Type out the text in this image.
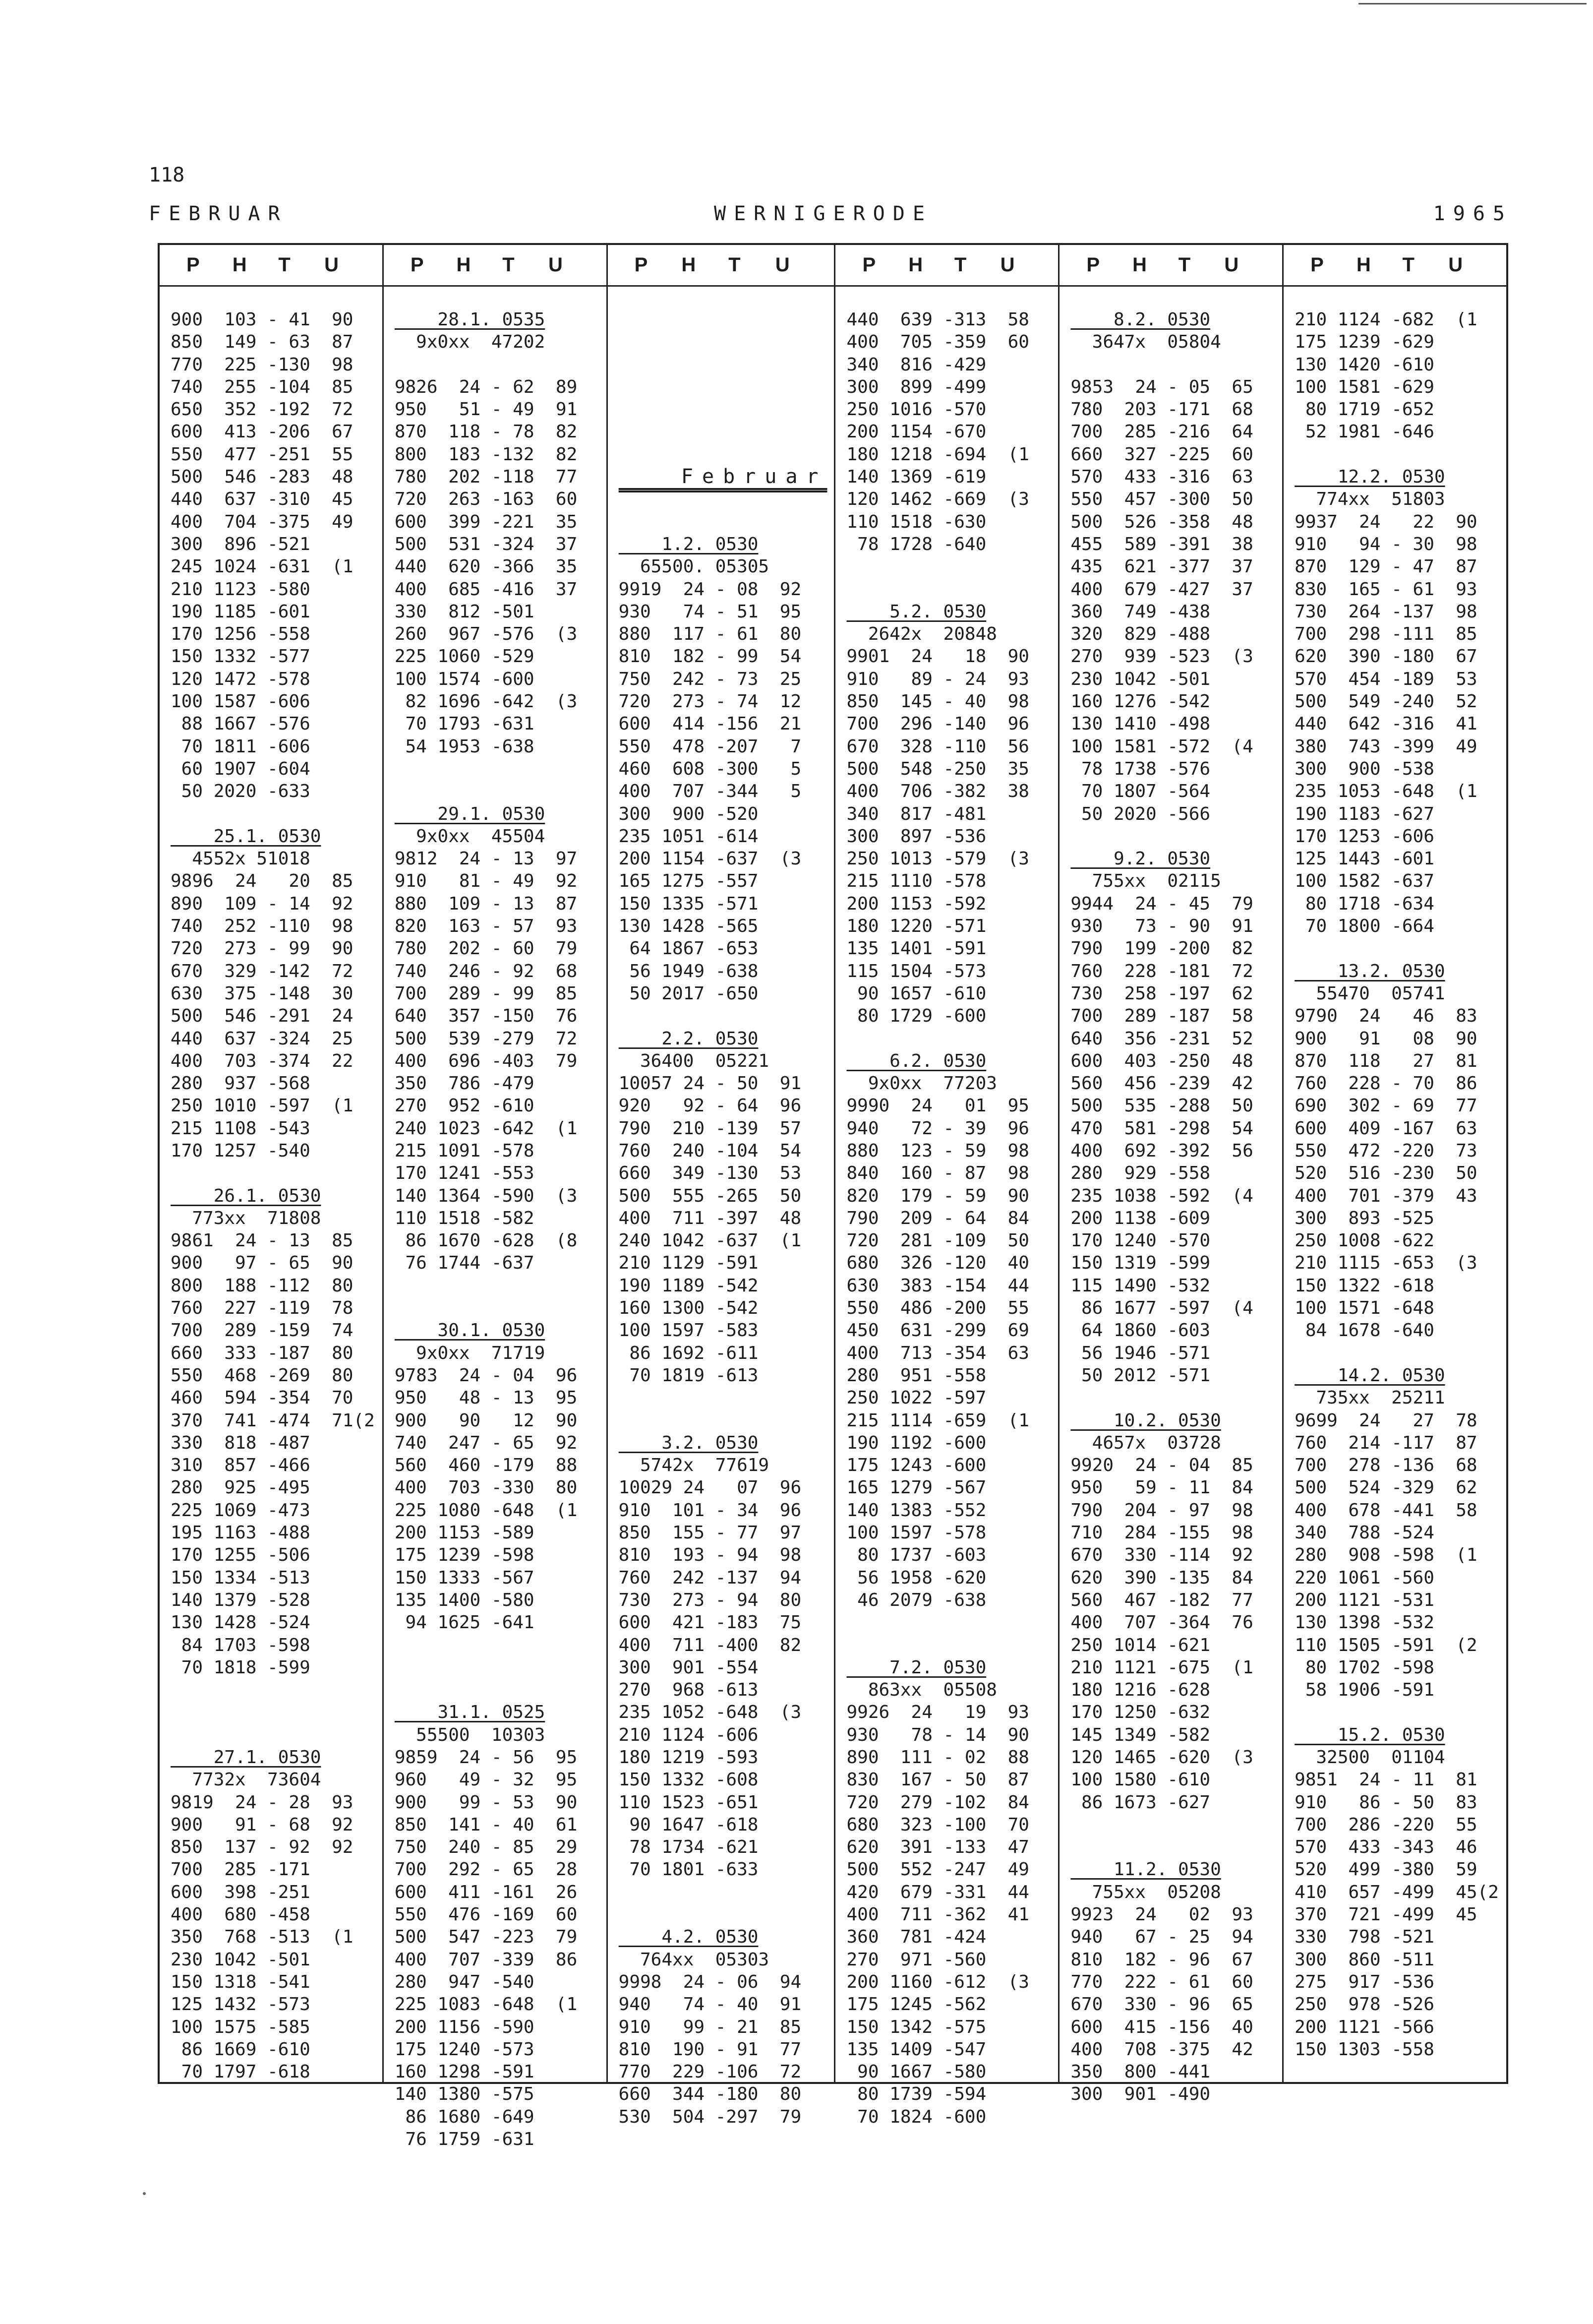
118
FEBRUAR	WERNIGERODE	1965
P	H	T	U
900  103 - 41  90
850  149 - 63  87
770  225 -130  98
740  255 -104  85
650  352 -192  72
600  413 -206  67
550  477 -251  55
500  546 -283  48
440  637 -310  45
400  704 -375  49
300  896 -521
245 1024 -631  (1
210 1123 -580
190 1185 -601
170 1256 -558
150 1332 -577
120 1472 -578
100 1587 -606
88 1667 -576
70 1811 -606
60 1907 -604
50 2020 -633
25.1. 0530
4552x 51018
9896  24   20  85
890  109 - 14  92
740  252 -110  98
720  273 - 99  90
670  329 -142  72
630  375 -148  30
500  546 -291  24
440  637 -324  25
400  703 -374  22
280  937 -568
250 1010 -597  (1
215 1108 -543
170 1257 -540
26.1. 0530
773xx  71808
9861  24 - 13  85
900   97 - 65  90
800  188 -112  80
760  227 -119  78
700  289 -159  74
660  333 -187  80
550  468 -269  80
460  594 -354  70
370  741 -474  71(2
330  818 -487
310  857 -466
280  925 -495
225 1069 -473
195 1163 -488
170 1255 -506
150 1334 -513
140 1379 -528
130 1428 -524
84 1703 -598
70 1818 -599
27.1. 0530
7732x  73604
9819  24 - 28  93
900   91 - 68  92
850  137 - 92  92
700  285 -171
600  398 -251
400  680 -458
350  768 -513  (1
230 1042 -501
150 1318 -541
125 1432 -573
100 1575 -585
86 1669 -610
70 1797 -618
P	H	T	U
28.1. 0535
9x0xx  47202
9826  24 - 62  89
950   51 - 49  91
870  118 - 78  82
800  183 -132  82
780  202 -118  77
720  263 -163  60
600  399 -221  35
500  531 -324  37
440  620 -366  35
400  685 -416  37
330  812 -501
260  967 -576  (3
225 1060 -529
100 1574 -600
82 1696 -642  (3
70 1793 -631
54 1953 -638
29.1. 0530
9x0xx  45504
9812  24 - 13  97
910   81 - 49  92
880  109 - 13  87
820  163 - 57  93
780  202 - 60  79
740  246 - 92  68
700  289 - 99  85
640  357 -150  76
500  539 -279  72
400  696 -403  79
350  786 -479
270  952 -610
240 1023 -642  (1
215 1091 -578
170 1241 -553
140 1364 -590  (3
110 1518 -582
86 1670 -628  (8
76 1744 -637
30.1. 0530
9x0xx  71719
9783  24 - 04  96
950   48 - 13  95
900   90   12  90
740  247 - 65  92
560  460 -179  88
400  703 -330  80
225 1080 -648  (1
200 1153 -589
175 1239 -598
150 1333 -567
135 1400 -580
94 1625 -641
31.1. 0525
55500  10303
9859  24 - 56  95
960   49 - 32  95
900   99 - 53  90
850  141 - 40  61
750  240 - 85  29
700  292 - 65  28
600  411 -161  26
550  476 -169  60
500  547 -223  79
400  707 -339  86
280  947 -540
225 1083 -648  (1
200 1156 -590
175 1240 -573
160 1298 -591
140 1380 -575
86 1680 -649
76 1759 -631
P	H	T	U
Februar
1.2. 0530
65500. 05305
9919  24 - 08  92
930   74 - 51  95
880  117 - 61  80
810  182 - 99  54
750  242 - 73  25
720  273 - 74  12
600  414 -156  21
550  478 -207   7
460  608 -300   5
400  707 -344   5
300  900 -520
235 1051 -614
200 1154 -637  (3
165 1275 -557
150 1335 -571
130 1428 -565
64 1867 -653
56 1949 -638
50 2017 -650
2.2. 0530
36400  05221
10057 24 - 50  91
920   92 - 64  96
790  210 -139  57
760  240 -104  54
660  349 -130  53
500  555 -265  50
400  711 -397  48
240 1042 -637  (1
210 1129 -591
190 1189 -542
160 1300 -542
100 1597 -583
86 1692 -611
70 1819 -613
3.2. 0530
5742x  77619
10029 24   07  96
910  101 - 34  96
850  155 - 77  97
810  193 - 94  98
760  242 -137  94
730  273 - 94  80
600  421 -183  75
400  711 -400  82
300  901 -554
270  968 -613
235 1052 -648  (3
210 1124 -606
180 1219 -593
150 1332 -608
110 1523 -651
90 1647 -618
78 1734 -621
70 1801 -633
4.2. 0530
764xx  05303
9998  24 - 06  94
940   74 - 40  91
910   99 - 21  85
810  190 - 91  77
770  229 -106  72
660  344 -180  80
530  504 -297  79
P	H	T	U
440  639 -313  58
400  705 -359  60
340  816 -429
300  899 -499
250 1016 -570
200 1154 -670
180 1218 -694  (1
140 1369 -619
120 1462 -669  (3
110 1518 -630
78 1728 -640
5.2. 0530
2642x  20848
9901  24   18  90
910   89 - 24  93
850  145 - 40  98
700  296 -140  96
670  328 -110  56
500  548 -250  35
400  706 -382  38
340  817 -481
300  897 -536
250 1013 -579  (3
215 1110 -578
200 1153 -592
180 1220 -571
135 1401 -591
115 1504 -573
90 1657 -610
80 1729 -600
6.2. 0530
9x0xx  77203
9990  24   01  95
940   72 - 39  96
880  123 - 59  98
840  160 - 87  98
820  179 - 59  90
790  209 - 64  84
720  281 -109  50
680  326 -120  40
630  383 -154  44
550  486 -200  55
450  631 -299  69
400  713 -354  63
280  951 -558
250 1022 -597
215 1114 -659  (1
190 1192 -600
175 1243 -600
165 1279 -567
140 1383 -552
100 1597 -578
80 1737 -603
56 1958 -620
46 2079 -638
7.2. 0530
863xx  05508
9926  24   19  93
930   78 - 14  90
890  111 - 02  88
830  167 - 50  87
720  279 -102  84
680  323 -100  70
620  391 -133  47
500  552 -247  49
420  679 -331  44
400  711 -362  41
360  781 -424
270  971 -560
200 1160 -612  (3
175 1245 -562
150 1342 -575
135 1409 -547
90 1667 -580
80 1739 -594
70 1824 -600
P	H	T	U
8.2. 0530
3647x  05804
9853  24 - 05  65
780  203 -171  68
700  285 -216  64
660  327 -225  60
570  433 -316  63
550  457 -300  50
500  526 -358  48
455  589 -391  38
435  621 -377  37
400  679 -427  37
360  749 -438
320  829 -488
270  939 -523  (3
230 1042 -501
160 1276 -542
130 1410 -498
100 1581 -572  (4
78 1738 -576
70 1807 -564
50 2020 -566
9.2. 0530
755xx  02115
9944  24 - 45  79
930   73 - 90  91
790  199 -200  82
760  228 -181  72
730  258 -197  62
700  289 -187  58
640  356 -231  52
600  403 -250  48
560  456 -239  42
500  535 -288  50
470  581 -298  54
400  692 -392  56
280  929 -558
235 1038 -592  (4
200 1138 -609
170 1240 -570
150 1319 -599
115 1490 -532
86 1677 -597  (4
64 1860 -603
56 1946 -571
50 2012 -571
10.2. 0530
4657x  03728
9920  24 - 04  85
950   59 - 11  84
790  204 - 97  98
710  284 -155  98
670  330 -114  92
620  390 -135  84
560  467 -182  77
400  707 -364  76
250 1014 -621
210 1121 -675  (1
180 1216 -628
170 1250 -632
145 1349 -582
120 1465 -620  (3
100 1580 -610
86 1673 -627
11.2. 0530
755xx  05208
9923  24   02  93
940   67 - 25  94
810  182 - 96  67
770  222 - 61  60
670  330 - 96  65
600  415 -156  40
400  708 -375  42
350  800 -441
300  901 -490
P	H	T	U
210 1124 -682  (1
175 1239 -629
130 1420 -610
100 1581 -629
80 1719 -652
52 1981 -646
12.2. 0530
774xx  51803
9937  24   22  90
910   94 - 30  98
870  129 - 47  87
830  165 - 61  93
730  264 -137  98
700  298 -111  85
620  390 -180  67
570  454 -189  53
500  549 -240  52
440  642 -316  41
380  743 -399  49
300  900 -538
235 1053 -648  (1
190 1183 -627
170 1253 -606
125 1443 -601
100 1582 -637
80 1718 -634
70 1800 -664
13.2. 0530
55470  05741
9790  24   46  83
900   91   08  90
870  118   27  81
760  228 - 70  86
690  302 - 69  77
600  409 -167  63
550  472 -220  73
520  516 -230  50
400  701 -379  43
300  893 -525
250 1008 -622
210 1115 -653  (3
150 1322 -618
100 1571 -648
84 1678 -640
14.2. 0530
735xx  25211
9699  24   27  78
760  214 -117  87
700  278 -136  68
500  524 -329  62
400  678 -441  58
340  788 -524
280  908 -598  (1
220 1061 -560
200 1121 -531
130 1398 -532
110 1505 -591  (2
80 1702 -598
58 1906 -591
15.2. 0530
32500  01104
9851  24 - 11  81
910   86 - 50  83
700  286 -220  55
570  433 -343  46
520  499 -380  59
410  657 -499  45(2
370  721 -499  45
330  798 -521
300  860 -511
275  917 -536
250  978 -526
200 1121 -566
150 1303 -558
